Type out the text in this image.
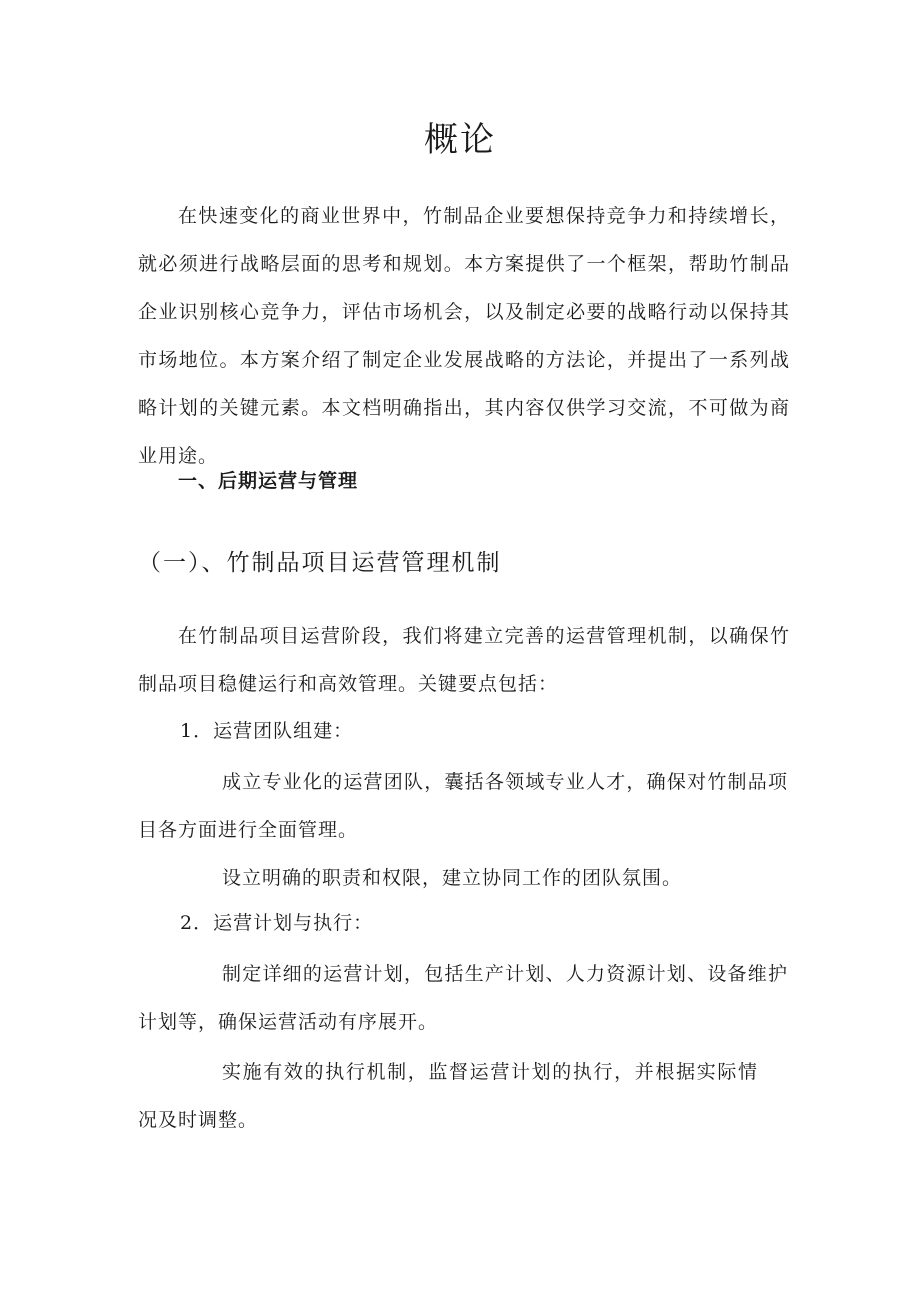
概论

在快速变化的商业世界中，竹制品企业要想保持竞争力和持续增长，就必须进行战略层面的思考和规划。本方案提供了一个框架，帮助竹制品企业识别核心竞争力，评估市场机会，以及制定必要的战略行动以保持其市场地位。本方案介绍了制定企业发展战略的方法论，并提出了一系列战略计划的关键元素。本文档明确指出，其内容仅供学习交流，不可做为商业用途。

一、后期运营与管理
（一）、竹制品项目运营管理机制

在竹制品项目运营阶段，我们将建立完善的运营管理机制，以确保竹制品项目稳健运行和高效管理。关键要点包括：

1．运营团队组建：

成立专业化的运营团队，囊括各领域专业人才，确保对竹制品项目各方面进行全面管理。

设立明确的职责和权限，建立协同工作的团队氛围。

2．运营计划与执行：

制定详细的运营计划，包括生产计划、人力资源计划、设备维护计划等，确保运营活动有序展开。

实施有效的执行机制，监督运营计划的执行，并根据实际情况及时调整。
